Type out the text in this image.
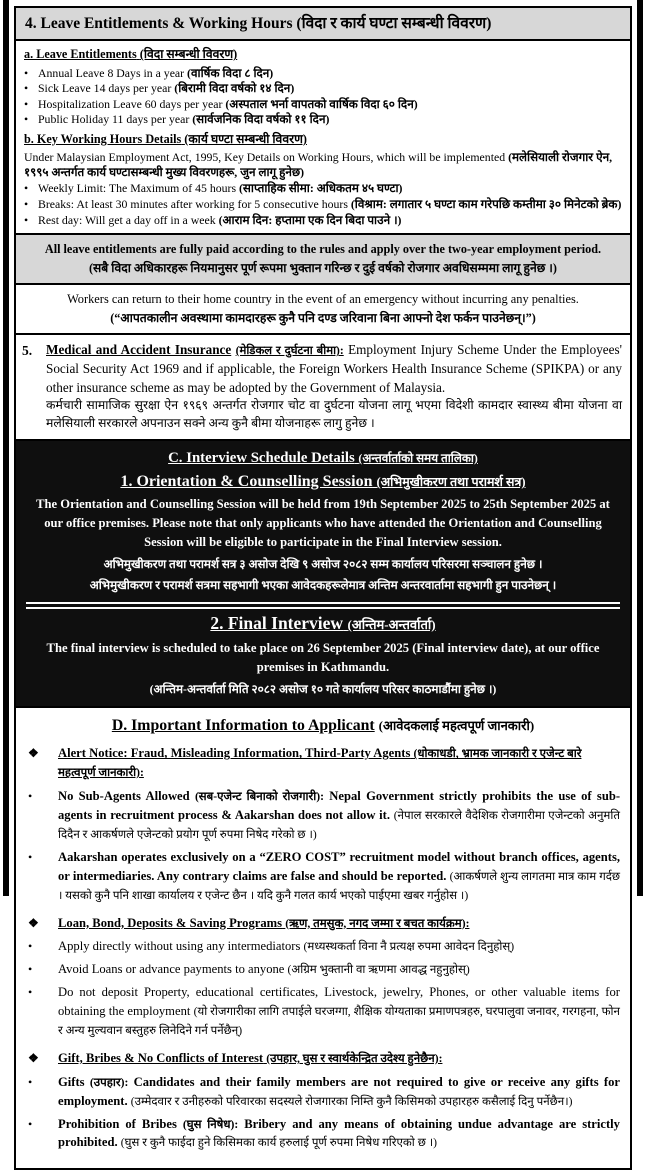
4. Leave Entitlements & Working Hours (विदा र कार्य घण्टा सम्बन्धी विवरण)
a. Leave Entitlements (विदा सम्बन्धी विवरण)
• Annual Leave 8 Days in a year (वार्षिक विदा ८ दिन)
• Sick Leave 14 days per year (बिरामी विदा वर्षको १४ दिन)
• Hospitalization Leave 60 days per year (अस्पताल भर्ना वापतको वार्षिक विदा ६० दिन)
• Public Holiday 11 days per year (सार्वजनिक विदा वर्षको ११ दिन)
b. Key Working Hours Details (कार्य घण्टा सम्बन्धी विवरण)
Under Malaysian Employment Act, 1995, Key Details on Working Hours, which will be implemented (मलेसियाली रोजगार ऐन, १९९५ अन्तर्गत कार्य घण्टासम्बन्धी मुख्य विवरणहरू, जुन लागू हुनेछ)
• Weekly Limit: The Maximum of 45 hours (साप्ताहिक सीमा: अधिकतम ४५ घण्टा)
• Breaks: At least 30 minutes after working for 5 consecutive hours (विश्राम: लगातार ५ घण्टा काम गरेपछि कम्तीमा ३० मिनेटको ब्रेक)
• Rest day: Will get a day off in a week (आराम दिन: हप्तामा एक दिन बिदा पाउने ।)
All leave entitlements are fully paid according to the rules and apply over the two-year employment period.
(सबै विदा अधिकारहरू नियमानुसर पूर्ण रूपमा भुक्तान गरिन्छ र दुई वर्षको रोजगार अवधिसम्ममा लागू हुनेछ ।)
Workers can return to their home country in the event of an emergency without incurring any penalties.
(“आपतकालीन अवस्थामा कामदारहरू कुनै पनि दण्ड जरिवाना बिना आफ्नो देश फर्कन पाउनेछन्।”)
5.	Medical and Accident Insurance (मेडिकल र दुर्घटना बीमा): Employment Injury Scheme Under the Employees' Social Security Act 1969 and if applicable, the Foreign Workers Health Insurance Scheme (SPIKPA) or any other insurance scheme as may be adopted by the Government of Malaysia.
कर्मचारी सामाजिक सुरक्षा ऐन १९६९ अन्तर्गत रोजगार चोट वा दुर्घटना योजना लागू भएमा विदेशी कामदार स्वास्थ्य बीमा योजना वा मलेसियाली सरकारले अपनाउन सक्ने अन्य कुनै बीमा योजनाहरू लागु हुनेछ ।
C. Interview Schedule Details (अन्तर्वार्ताको समय तालिका)
1. Orientation & Counselling Session (अभिमुखीकरण तथा परामर्श सत्र)
The Orientation and Counselling Session will be held from 19th September 2025 to 25th September 2025 at our office premises. Please note that only applicants who have attended the Orientation and Counselling Session will be eligible to participate in the Final Interview session.
अभिमुखीकरण तथा परामर्श सत्र ३ असोज देखि ९ असोज २०८२ सम्म कार्यालय परिसरमा सञ्चालन हुनेछ ।
अभिमुखीकरण र परामर्श सत्रमा सहभागी भएका आवेदकहरूलेमात्र अन्तिम अन्तरवार्तामा सहभागी हुन पाउनेछन् ।
2. Final Interview (अन्तिम-अन्तर्वार्ता)
The final interview is scheduled to take place on 26 September 2025 (Final interview date), at our office premises in Kathmandu.
(अन्तिम-अन्तर्वार्ता मिति २०८२ असोज १० गते कार्यालय परिसर काठमाडौंमा हुनेछ ।)
D. Important Information to Applicant (आवेदकलाई महत्वपूर्ण जानकारी)
❖	Alert Notice: Fraud, Misleading Information, Third-Party Agents (धोकाधडी, भ्रामक जानकारी र एजेन्ट बारे महत्वपूर्ण जानकारी):
•	No Sub-Agents Allowed (सब-एजेन्ट बिनाको रोजगारी): Nepal Government strictly prohibits the use of sub-agents in recruitment process & Aakarshan does not allow it. (नेपाल सरकारले वैदेशिक रोजगारीमा एजेन्टको अनुमति दिदैन र आकर्षणले एजेन्टको प्रयोग पूर्ण रुपमा निषेद गरेको छ ।)
•	Aakarshan operates exclusively on a “ZERO COST” recruitment model without branch offices, agents, or intermediaries. Any contrary claims are false and should be reported. (आकर्षणले शुन्य लागतमा मात्र काम गर्दछ । यसको कुनै पनि शाखा कार्यालय र एजेन्ट छैन । यदि कुनै गलत कार्य भएको पाईएमा खबर गर्नुहोस ।)
❖	Loan, Bond, Deposits & Saving Programs (ऋण, तमसुक, नगद जम्मा र बचत कार्यक्रम):
•	Apply directly without using any intermediators (मध्यस्थकर्ता विना नै प्रत्यक्ष रुपमा आवेदन दिनुहोस्)
•	Avoid Loans or advance payments to anyone (अग्रिम भुक्तानी वा ऋणमा आवद्ध नहुनुहोस्)
•	Do not deposit Property, educational certificates, Livestock, jewelry, Phones, or other valuable items for obtaining the employment (यो रोजगारीका लागि तपाईले घरजग्गा, शैक्षिक योग्यताका प्रमाणपत्रहरु, घरपालुवा जनावर, गरगहना, फोन र अन्य मुल्यवान बस्तुहरु लिनेदिने गर्न पर्नेछैन्)
❖	Gift, Bribes & No Conflicts of Interest (उपहार, घुस र स्वार्थकेन्द्रित उदेश्य हुनेछैन):
•	Gifts (उपहार): Candidates and their family members are not required to give or receive any gifts for employment. (उम्मेदवार र उनीहरुको परिवारका सदस्यले रोजगारका निम्ति कुनै किसिमको उपहारहरु कसैलाई दिनु पर्नेछैन।)
•	Prohibition of Bribes (घुस निषेध): Bribery and any means of obtaining undue advantage are strictly prohibited. (घुस र कुनै फाईदा हुने किसिमका कार्य हरुलाई पूर्ण रुपमा निषेध गरिएको छ ।)
